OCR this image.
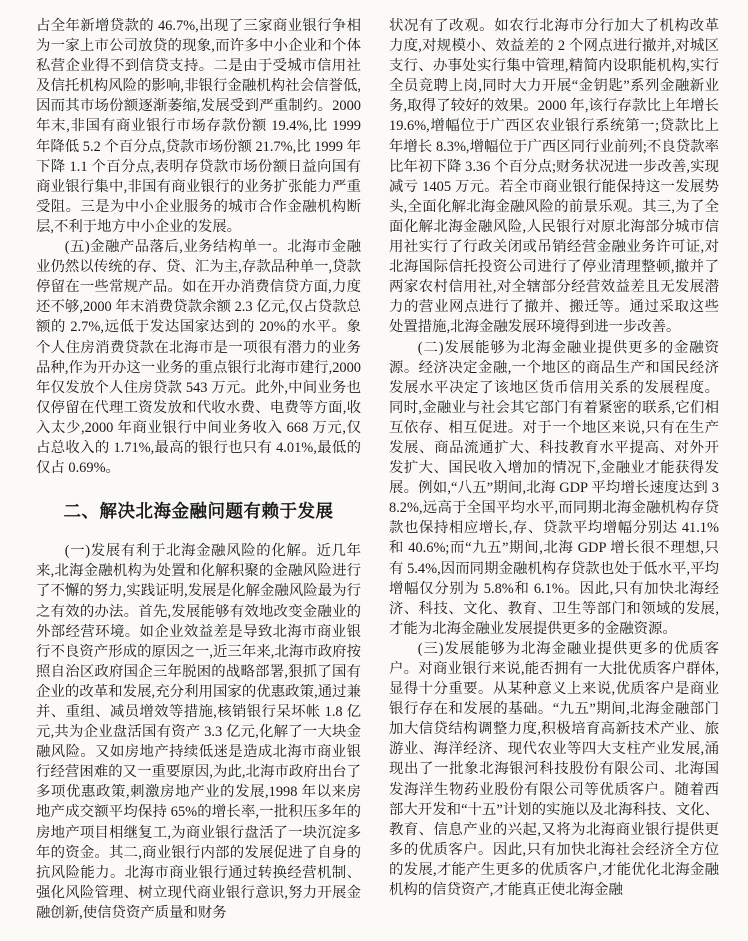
占全年新增贷款的 46.7%,出现了三家商业银行争相为一家上市公司放贷的现象,而许多中小企业和个体私营企业得不到信贷支持。二是由于受城市信用社及信托机构风险的影响,非银行金融机构社会信誉低,因而其市场份额逐渐萎缩,发展受到严重制约。2000 年末,非国有商业银行市场存款份额 19.4%,比 1999 年降低 5.2 个百分点,贷款市场份额 21.7%,比 1999 年下降 1.1 个百分点,表明存贷款市场份额日益向国有商业银行集中,非国有商业银行的业务扩张能力严重受阻。三是为中小企业服务的城市合作金融机构断层,不利于地方中小企业的发展。

(五)金融产品落后,业务结构单一。北海市金融业仍然以传统的存、贷、汇为主,存款品种单一,贷款停留在一些常规产品。如在开办消费信贷方面,力度还不够,2000 年末消费贷款余额 2.3 亿元,仅占贷款总额的 2.7%,远低于发达国家达到的 20%的水平。象个人住房消费贷款在北海市是一项很有潜力的业务品种,作为开办这一业务的重点银行北海市建行,2000 年仅发放个人住房贷款 543 万元。此外,中间业务也仅停留在代理工资发放和代收水费、电费等方面,收入太少,2000 年商业银行中间业务收入 668 万元,仅占总收入的 1.71%,最高的银行也只有 4.01%,最低的仅占 0.69%。

二、解决北海金融问题有赖于发展

(一)发展有利于北海金融风险的化解。近几年来,北海金融机构为处置和化解积聚的金融风险进行了不懈的努力,实践证明,发展是化解金融风险最为行之有效的办法。首先,发展能够有效地改变金融业的外部经营环境。如企业效益差是导致北海市商业银行不良资产形成的原因之一,近三年来,北海市政府按照自治区政府国企三年脱困的战略部署,狠抓了国有企业的改革和发展,充分利用国家的优惠政策,通过兼并、重组、减员增效等措施,核销银行呆坏帐 1.8 亿元,共为企业盘活国有资产 3.3 亿元,化解了一大块金融风险。又如房地产持续低迷是造成北海市商业银行经营困难的又一重要原因,为此,北海市政府出台了多项优惠政策,刺激房地产业的发展,1998 年以来房地产成交额平均保持 65%的增长率,一批积压多年的房地产项目相继复工,为商业银行盘活了一块沉淀多年的资金。其二,商业银行内部的发展促进了自身的抗风险能力。北海市商业银行通过转换经营机制、强化风险管理、树立现代商业银行意识,努力开展金融创新,使信贷资产质量和财务

状况有了改观。如农行北海市分行加大了机构改革力度,对规模小、效益差的 2 个网点进行撤并,对城区支行、办事处实行集中管理,精简内设职能机构,实行全员竞聘上岗,同时大力开展“金钥匙”系列金融新业务,取得了较好的效果。2000 年,该行存款比上年增长 19.6%,增幅位于广西区农业银行系统第一;贷款比上年增长 8.3%,增幅位于广西区同行业前列;不良贷款率比年初下降 3.36 个百分点;财务状况进一步改善,实现减亏 1405 万元。若全市商业银行能保持这一发展势头,全面化解北海金融风险的前景乐观。其三,为了全面化解北海金融风险,人民银行对原北海部分城市信用社实行了行政关闭或吊销经营金融业务许可证,对北海国际信托投资公司进行了停业清理整顿,撤并了两家农村信用社,对全辖部分经营效益差且无发展潜力的营业网点进行了撤并、搬迁等。通过采取这些处置措施,北海金融发展环境得到进一步改善。

(二)发展能够为北海金融业提供更多的金融资源。经济决定金融,一个地区的商品生产和国民经济发展水平决定了该地区货币信用关系的发展程度。同时,金融业与社会其它部门有着紧密的联系,它们相互依存、相互促进。对于一个地区来说,只有在生产发展、商品流通扩大、科技教育水平提高、对外开发扩大、国民收入增加的情况下,金融业才能获得发展。例如,“八五”期间,北海 GDP 平均增长速度达到 38.2%,远高于全国平均水平,而同期北海金融机构存贷款也保持相应增长,存、贷款平均增幅分别达 41.1%和 40.6%;而“九五”期间,北海 GDP 增长很不理想,只有 5.4%,因而同期金融机构存贷款也处于低水平,平均增幅仅分别为 5.8%和 6.1%。因此,只有加快北海经济、科技、文化、教育、卫生等部门和领域的发展,才能为北海金融业发展提供更多的金融资源。

(三)发展能够为北海金融业提供更多的优质客户。对商业银行来说,能否拥有一大批优质客户群体,显得十分重要。从某种意义上来说,优质客户是商业银行存在和发展的基础。“九五”期间,北海金融部门加大信贷结构调整力度,积极培育高新技术产业、旅游业、海洋经济、现代农业等四大支柱产业发展,涌现出了一批象北海银河科技股份有限公司、北海国发海洋生物药业股份有限公司等优质客户。随着西部大开发和“十五”计划的实施以及北海科技、文化、教育、信息产业的兴起,又将为北海商业银行提供更多的优质客户。因此,只有加快北海社会经济全方位的发展,才能产生更多的优质客户,才能优化北海金融机构的信贷资产,才能真正使北海金融
